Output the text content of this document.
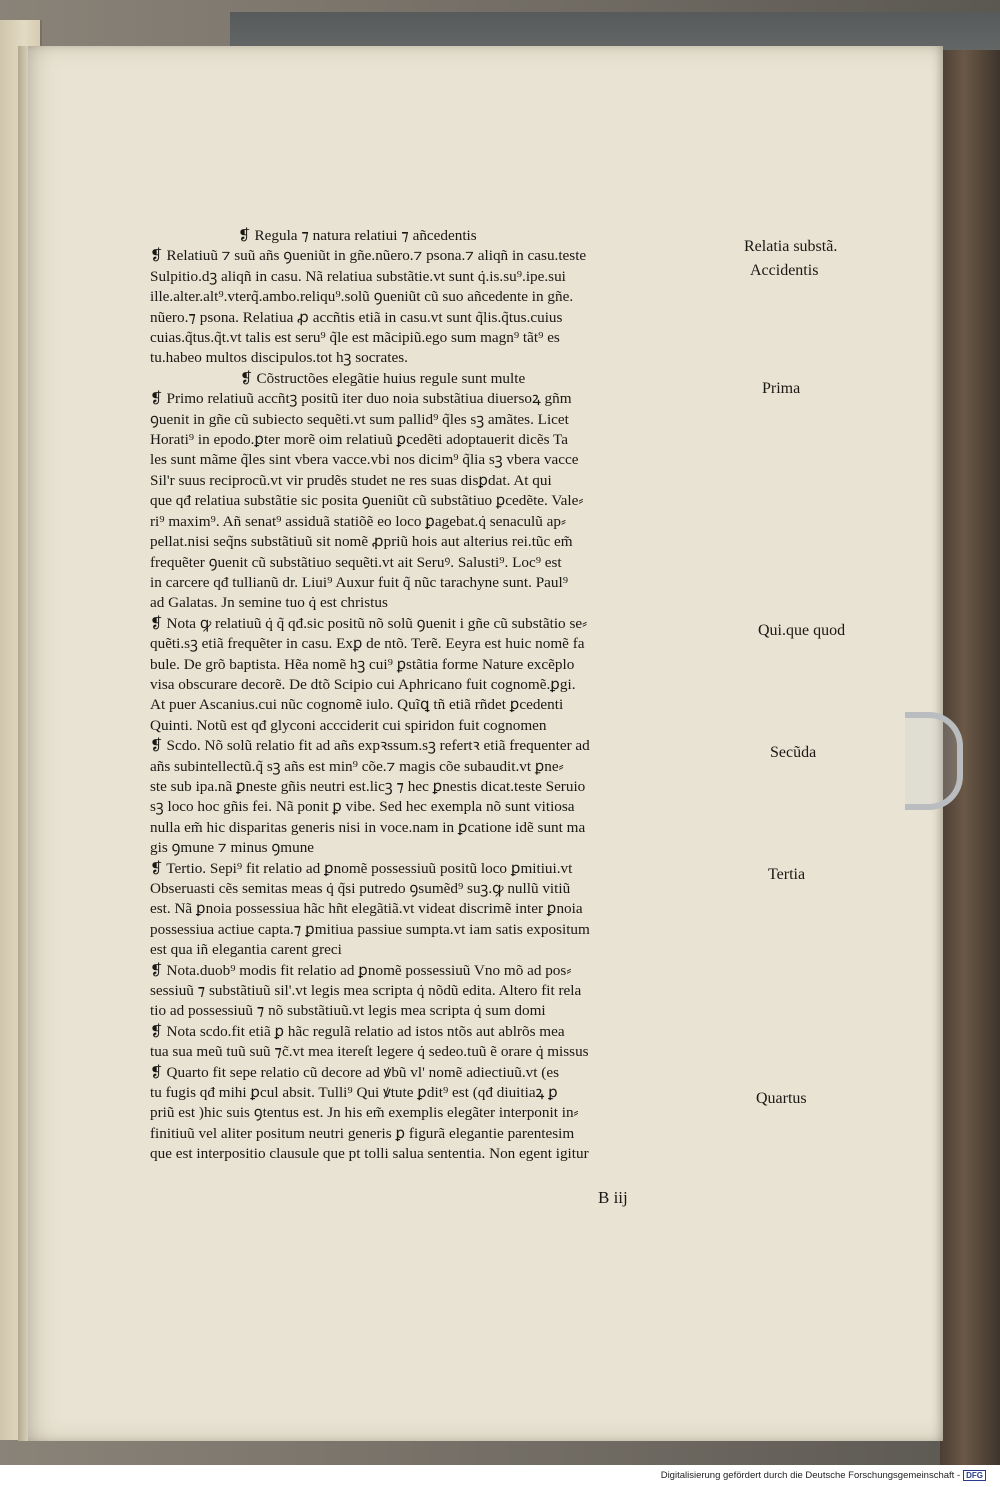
❡ Regula ⁊ natura relatiui ⁊ añcedentis
❡ Relatiuũ ⁊ suũ añs ꝯueniũt in gñe.nũero.⁊ psona.⁊ aliqñ in casu.teste
Sulpitio.dꝫ aliqñ in casu. Nã relatiua substãtie.vt sunt q̇.is.su⁹.ipe.sui
ille.alter.alt⁹.vterq̃.ambo.reliqu⁹.solũ ꝯueniũt cũ suo añcedente in gñe.
nũero.⁊ psona. Relatiua ꝓ accñtis etiã in casu.vt sunt q̃lis.q̃tus.cuius
cuias.q̃tus.q̃t.vt talis est seru⁹ q̃le est mãcipiũ.ego sum magn⁹ tãt⁹ es
tu.habeo multos discipulos.tot hꝫ socrates.
❡ Cõstructões elegãtie huius regule sunt multe
❡ Primo relatiuũ accñtꝫ positũ iter duo noia substãtiua diuersoꝝ gñm
ꝯuenit in gñe cũ subiecto sequẽti.vt sum pallid⁹ q̃les sꝫ amãtes. Licet
Horati⁹ in epodo.ꝑter morẽ oim relatiuũ ꝑcedẽti adoptauerit dicẽs Ta
les sunt mãme q̃les sint vbera vacce.vbi nos dicim⁹ q̃lia sꝫ vbera vacce
Sil'r suus reciprocũ.vt vir prudẽs studet ne res suas disꝑdat. At qui
que qđ relatiua substãtie sic posita ꝯueniũt cũ substãtiuo ꝑcedẽte. Vale⸗
ri⁹ maxim⁹. Añ senat⁹ assiduã statiõẽ eo loco ꝑagebat.q̇ senaculũ ap⸗
pellat.nisi seq̃ns substãtiuũ sit nomẽ ꝓpriũ hois aut alterius rei.tũc em̃
frequẽter ꝯuenit cũ substãtiuo sequẽti.vt ait Seruꝰ. Salusti⁹. Loc⁹ est
in carcere qđ tullianũ dr. Liui⁹ Auxur fuit q̃ nũc tarachyne sunt. Paul⁹
ad Galatas. Jn semine tuo q̇ est christus
❡ Nota ꝙ relatiuũ q̇ q̃ qđ.sic positũ nõ solũ ꝯuenit i gñe cũ substãtio se⸗
quẽti.sꝫ etiã frequẽter in casu. Exꝑ de ntõ. Terẽ. Eeyra est huic nomẽ fa
bule. De grõ baptista. Hẽa nomẽ hꝫ cui⁹ ꝑstãtia forme Nature excẽplo
visa obscurare decorẽ. De dtõ Scipio cui Aphricano fuit cognomẽ.ꝑgi.
At puer Ascanius.cui nũc cognomẽ iulo. Quĩꝗ tñ etiã rñdet ꝑcedenti
Quinti. Notũ est qđ glyconi accciderit cui spiridon fuit cognomen
❡ Scdo. Nõ solũ relatio fit ad añs expꝛssum.sꝫ refertꝛ etiã frequenter ad
añs subintellectũ.q̃ sꝫ añs est min⁹ cõe.⁊ magis cõe subaudit.vt ꝑne⸗
ste sub ipa.nã ꝑneste gñis neutri est.licꝫ ⁊ hec ꝑnestis dicat.teste Seruio
sꝫ loco hoc gñis fei. Nã ponit ꝑ vibe. Sed hec exempla nõ sunt vitiosa
nulla em̃ hic disparitas generis nisi in voce.nam in ꝑcatione idẽ sunt ma
gis ꝯmune ⁊ minus ꝯmune
❡ Tertio. Sepi⁹ fit relatio ad ꝑnomẽ possessiuũ positũ loco ꝑmitiui.vt
Obseruasti cẽs semitas meas q̇ q̃si putredo ꝯsumẽd⁹ suꝫ.ꝙ nullũ vitiũ
est. Nã ꝑnoia possessiua hãc hñt elegãtiã.vt videat discrimẽ inter ꝑnoia
possessiua actiue capta.⁊ ꝑmitiua passiue sumpta.vt iam satis expositum
est qua iñ elegantia carent greci
❡ Nota.duob⁹ modis fit relatio ad ꝑnomẽ possessiuũ Vno mõ ad pos⸗
sessiuũ ⁊ substãtiuũ sil'.vt legis mea scripta q̇ nõdũ edita. Altero fit rela
tio ad possessiuũ ⁊ nõ substãtiuũ.vt legis mea scripta q̇ sum domi
❡ Nota scdo.fit etiã ꝑ hãc regulã relatio ad istos ntõs aut ablrõs mea
tua sua meũ tuũ suũ ⁊c̃.vt mea itereſt legere q̇ sedeo.tuũ ẽ orare q̇ missus
❡ Quarto fit sepe relatio cũ decore ad ꝟbũ vl' nomẽ adiectiuũ.vt (es
tu fugis qđ mihi ꝑcul absit. Tulli⁹ Qui ꝟtute ꝑdit⁹ est (qđ diuitiaꝝ ꝑ
priũ est )hic suis ꝯtentus est. Jn his em̃ exemplis elegãter interponit in⸗
finitiuũ vel aliter positum neutri generis ꝑ figurã elegantie parentesim
que est interpositio clausule que pt tolli salua sententia. Non egent igitur
Relatia substã.
Accidentis
Prima
Qui.que quod
Secũda
Tertia
Quartus
B iij
Digitalisierung gefördert durch die Deutsche Forschungsgemeinschaft - DFG
